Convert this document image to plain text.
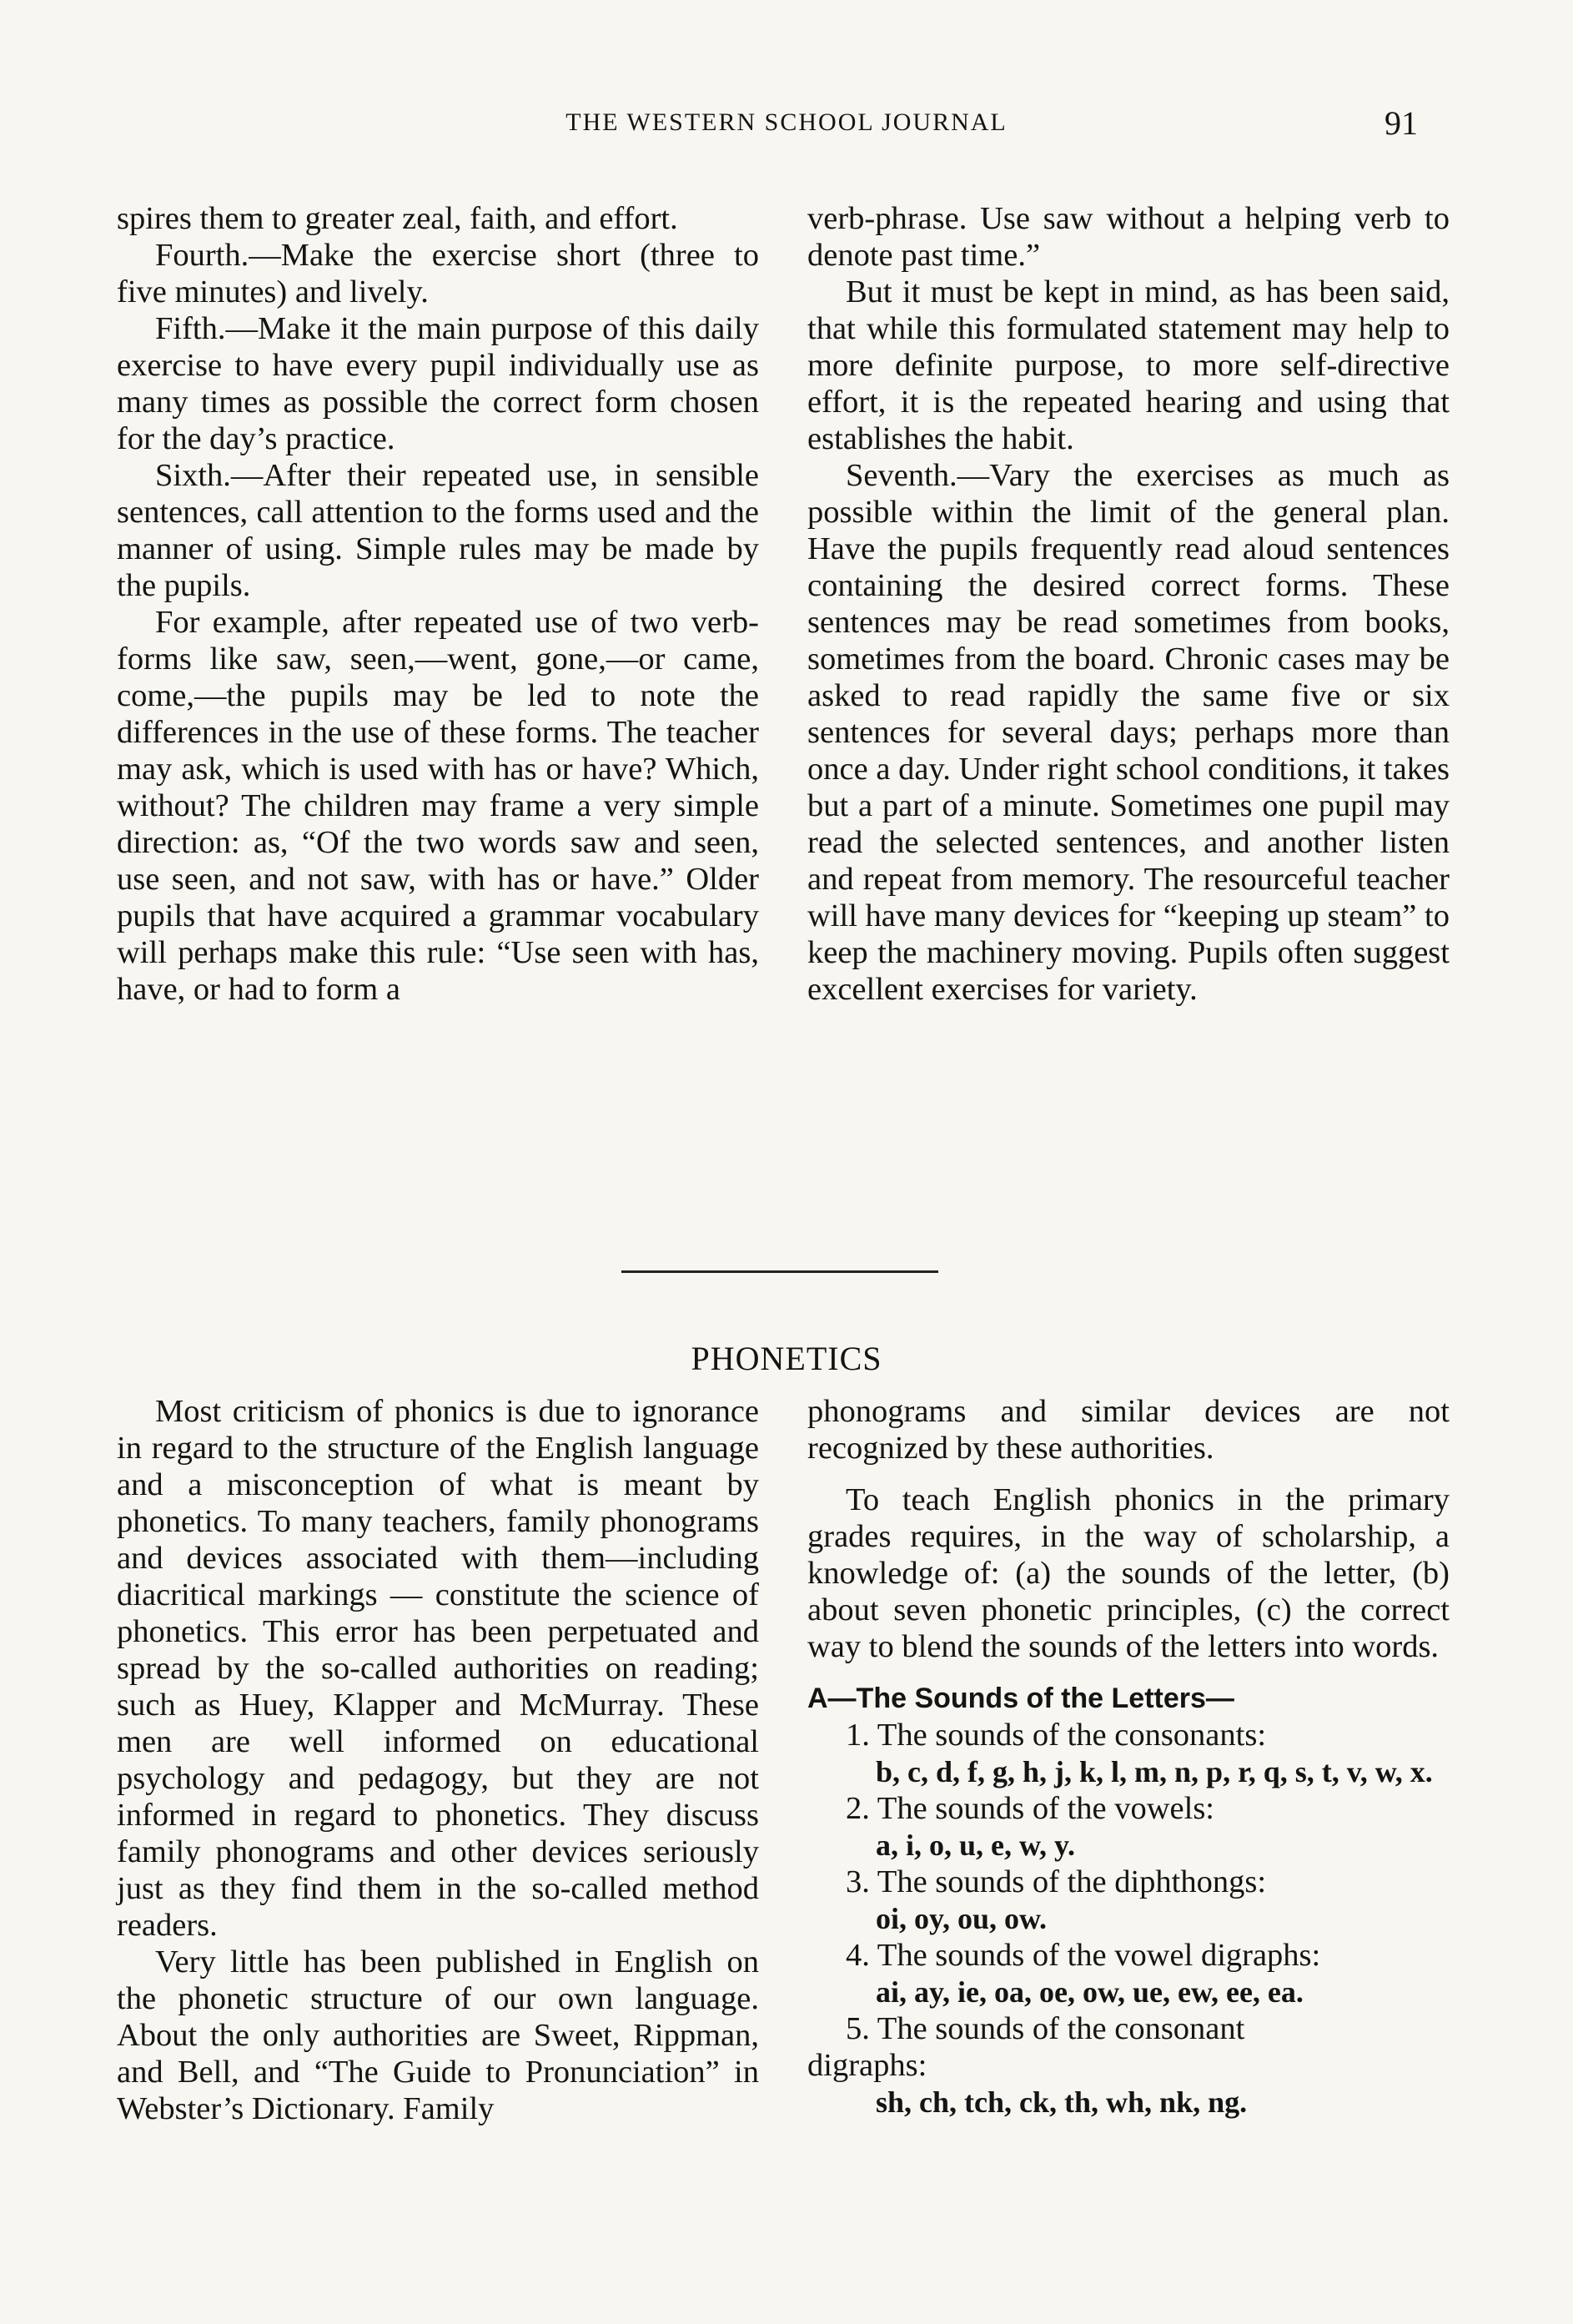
THE WESTERN SCHOOL JOURNAL	91

spires them to greater zeal, faith, and effort.

Fourth.—Make the exercise short (three to five minutes) and lively.

Fifth.—Make it the main purpose of this daily exercise to have every pupil individually use as many times as possible the correct form chosen for the day’s practice.

Sixth.—After their repeated use, in sensible sentences, call attention to the forms used and the manner of using. Simple rules may be made by the pupils.

For example, after repeated use of two verb-forms like saw, seen,—went, gone,—or came, come,—the pupils may be led to note the differences in the use of these forms. The teacher may ask, which is used with has or have? Which, without? The children may frame a very simple direction: as, “Of the two words saw and seen, use seen, and not saw, with has or have.” Older pupils that have acquired a grammar vocabulary will perhaps make this rule: “Use seen with has, have, or had to form a

verb-phrase. Use saw without a helping verb to denote past time.”

But it must be kept in mind, as has been said, that while this formulated statement may help to more definite purpose, to more self-directive effort, it is the repeated hearing and using that establishes the habit.

Seventh.—Vary the exercises as much as possible within the limit of the general plan. Have the pupils frequently read aloud sentences containing the desired correct forms. These sentences may be read sometimes from books, sometimes from the board. Chronic cases may be asked to read rapidly the same five or six sentences for several days; perhaps more than once a day. Under right school conditions, it takes but a part of a minute. Sometimes one pupil may read the selected sentences, and another listen and repeat from memory. The resourceful teacher will have many devices for “keeping up steam” to keep the machinery moving. Pupils often suggest excellent exercises for variety.

PHONETICS

Most criticism of phonics is due to ignorance in regard to the structure of the English language and a misconception of what is meant by phonetics. To many teachers, family phonograms and devices associated with them—including diacritical markings — constitute the science of phonetics. This error has been perpetuated and spread by the so-called authorities on reading; such as Huey, Klapper and McMurray. These men are well informed on educational psychology and pedagogy, but they are not informed in regard to phonetics. They discuss family phonograms and other devices seriously just as they find them in the so-called method readers.

Very little has been published in English on the phonetic structure of our own language. About the only authorities are Sweet, Rippman, and Bell, and “The Guide to Pronunciation” in Webster’s Dictionary. Family

phonograms and similar devices are not recognized by these authorities.

To teach English phonics in the primary grades requires, in the way of scholarship, a knowledge of: (a) the sounds of the letter, (b) about seven phonetic principles, (c) the correct way to blend the sounds of the letters into words.

A—The Sounds of the Letters—
1. The sounds of the consonants:
b, c, d, f, g, h, j, k, l, m, n, p, r, q, s, t, v, w, x.
2. The sounds of the vowels:
a, i, o, u, e, w, y.
3. The sounds of the diphthongs:
oi, oy, ou, ow.
4. The sounds of the vowel digraphs:
ai, ay, ie, oa, oe, ow, ue, ew, ee, ea.
5. The sounds of the consonant
digraphs:
sh, ch, tch, ck, th, wh, nk, ng.
